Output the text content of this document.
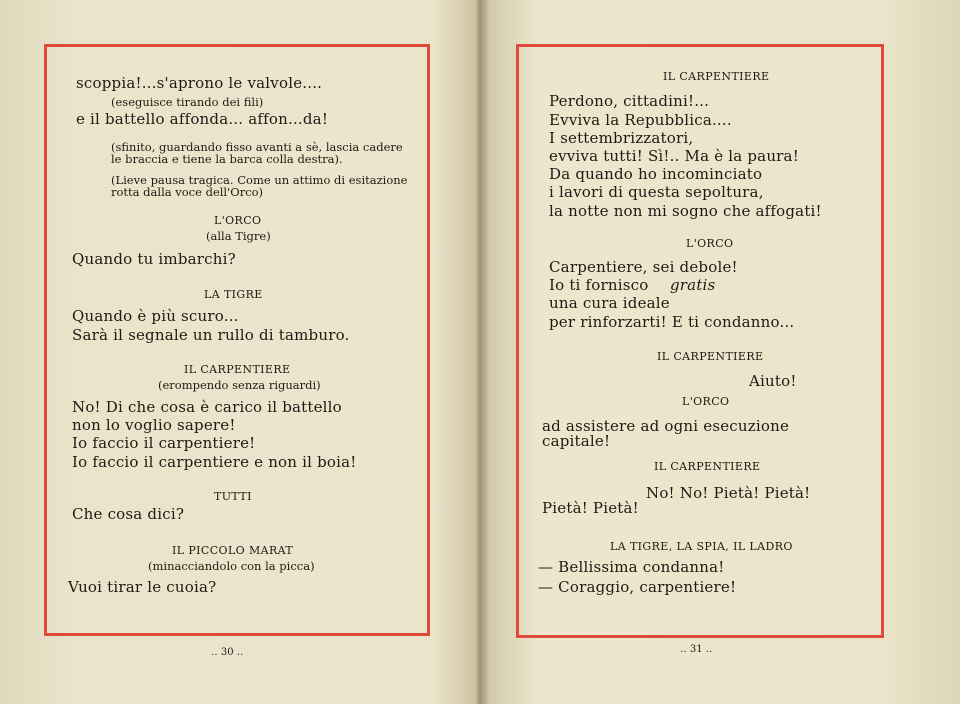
scoppia!...s'aprono le valvole....
(eseguisce tirando dei fili)
e il battello affonda... affon...da!
(sfinito, guardando fisso avanti a sè, lascia cadere
le braccia e tiene la barca colla destra).
(Lieve pausa tragica. Come un attimo di esitazione
rotta dalla voce dell'Orco)
L'ORCO
(alla Tigre)
Quando tu imbarchi?
LA TIGRE
Quando è più scuro...
Sarà il segnale un rullo di tamburo.
IL CARPENTIERE
(erompendo senza riguardi)
No! Di che cosa è carico il battello
non lo voglio sapere!
Io faccio il carpentiere!
Io faccio il carpentiere e non il boia!
TUTTI
Che cosa dici?
IL PICCOLO MARAT
(minacciandolo con la picca)
Vuoi tirar le cuoia?
‥ 30 ‥
IL CARPENTIERE
Perdono, cittadini!...
Evviva la Repubblica....
I settembrizzatori,
evviva tutti! Sì!.. Ma è la paura!
Da quando ho incominciato
i lavori di questa sepoltura,
la notte non mi sogno che affogati!
L'ORCO
Carpentiere, sei debole!
Io ti fornisco gratis
una cura ideale
per rinforzarti! E ti condanno...
IL CARPENTIERE
Aiuto!
L'ORCO
ad assistere ad ogni esecuzione
capitale!
IL CARPENTIERE
No! No! Pietà! Pietà!
Pietà! Pietà!
LA TIGRE, LA SPIA, IL LADRO
— Bellissima condanna!
— Coraggio, carpentiere!
‥ 31 ‥
